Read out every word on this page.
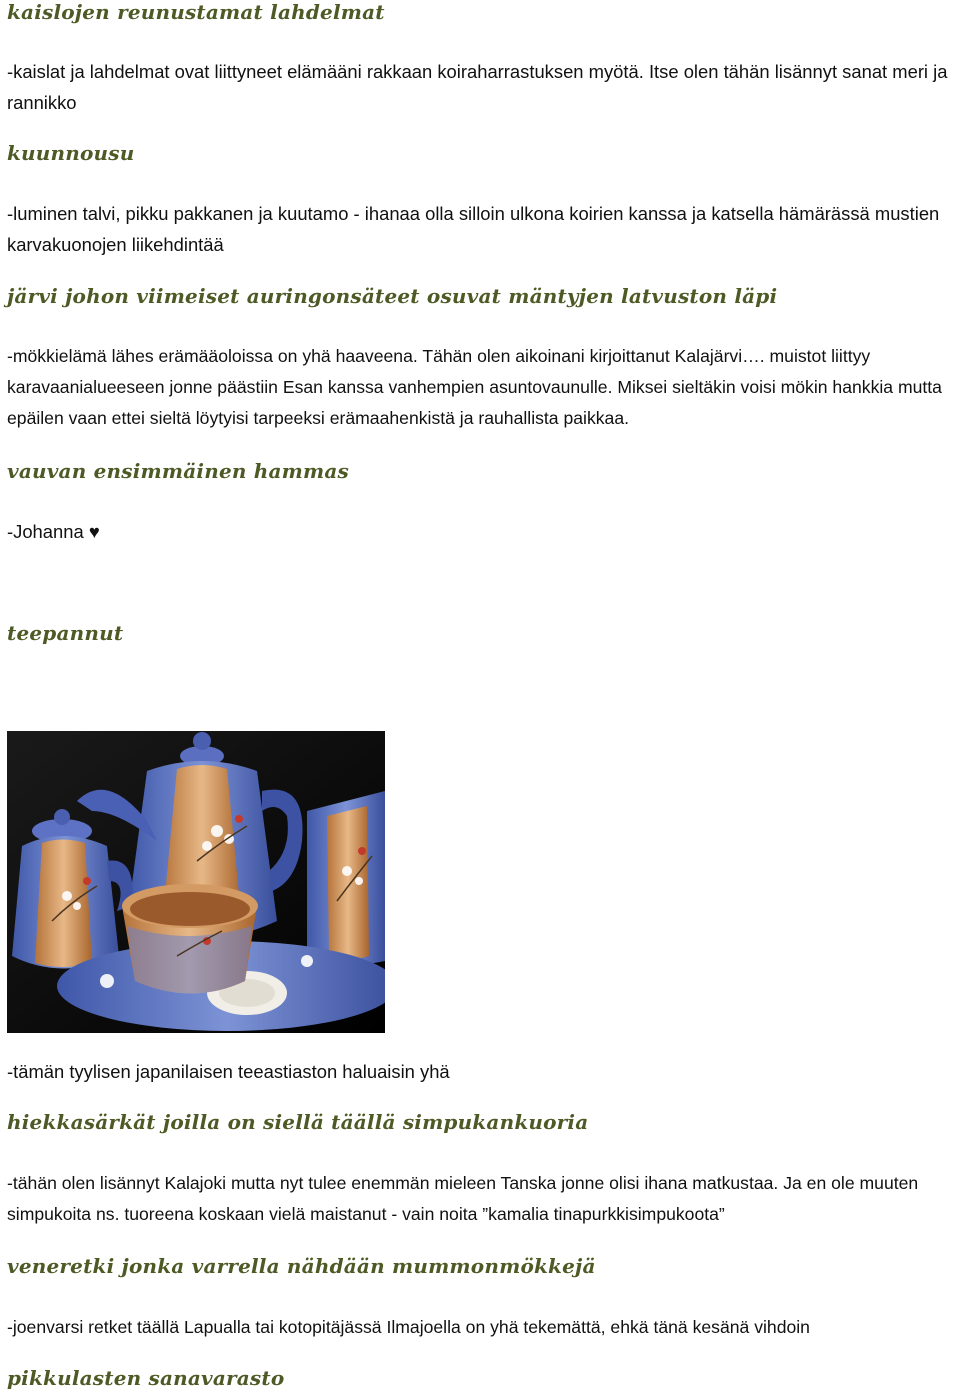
kaislojen reunustamat lahdelmat

-kaislat ja lahdelmat ovat liittyneet elämääni rakkaan koiraharrastuksen myötä. Itse olen tähän lisännyt sanat meri ja rannikko

kuunnousu

-luminen talvi, pikku pakkanen ja kuutamo - ihanaa olla silloin ulkona koirien kanssa ja katsella hämärässä mustien karvakuonojen liikehdintää

järvi johon viimeiset auringonsäteet osuvat mäntyjen latvuston läpi

-mökkielämä lähes erämääoloissa on yhä haaveena. Tähän olen aikoinani kirjoittanut Kalajärvi…. muistot liittyy karavaanialueeseen jonne päästiin Esan kanssa vanhempien asuntovaunulle. Miksei sieltäkin voisi mökin hankkia mutta epäilen vaan ettei sieltä löytyisi tarpeeksi erämaahenkistä ja rauhallista paikkaa.

vauvan ensimmäinen hammas

-Johanna ♥

teepannut

-tämän tyylisen japanilaisen teeastiaston haluaisin yhä

hiekkasärkät joilla on siellä täällä simpukankuoria

-tähän olen lisännyt Kalajoki mutta nyt tulee enemmän mieleen Tanska jonne olisi ihana matkustaa. Ja en ole muuten simpukoita ns. tuoreena koskaan vielä maistanut - vain noita ”kamalia tinapurkkisimpukoota”

veneretki jonka varrella nähdään mummonmökkejä

-joenvarsi retket täällä Lapualla tai kotopitäjässä Ilmajoella on yhä tekemättä, ehkä tänä kesänä vihdoin

pikkulasten sanavarasto
